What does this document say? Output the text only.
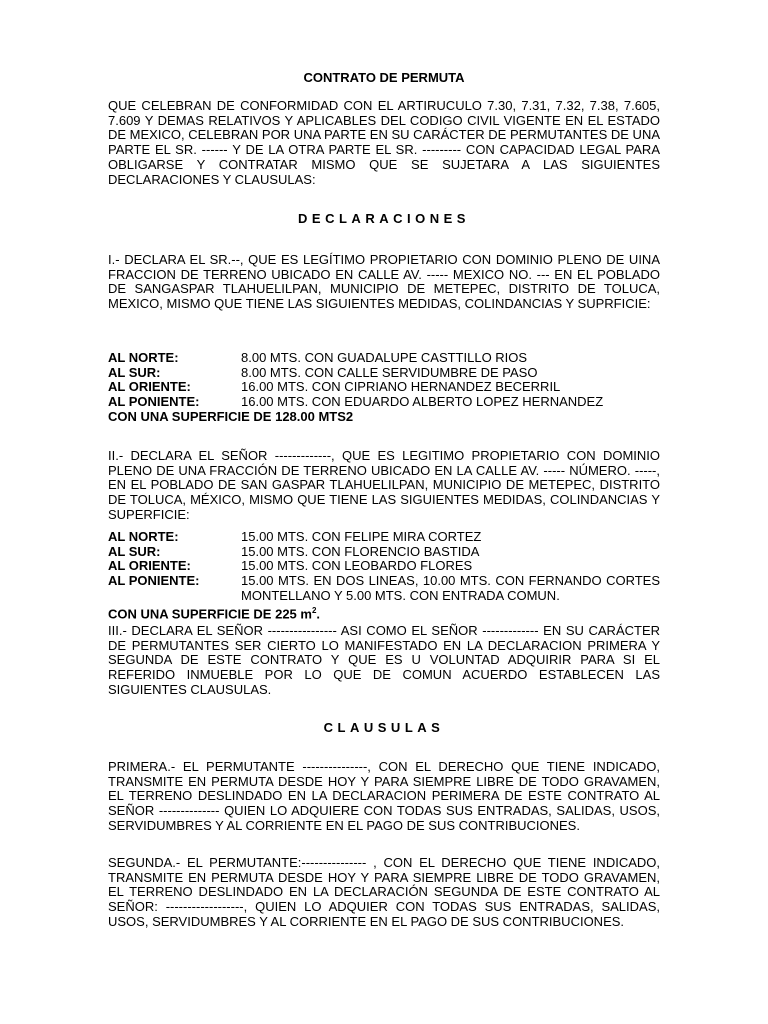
CONTRATO DE PERMUTA

QUE CELEBRAN DE CONFORMIDAD CON EL ARTIRUCULO 7.30, 7.31, 7.32, 7.38, 7.605, 7.609 Y DEMAS RELATIVOS Y APLICABLES DEL CODIGO CIVIL VIGENTE EN EL ESTADO DE MEXICO, CELEBRAN POR UNA PARTE EN SU CARÁCTER DE PERMUTANTES DE UNA PARTE EL SR. ------ Y DE LA OTRA PARTE EL SR. --------- CON CAPACIDAD LEGAL PARA OBLIGARSE Y CONTRATAR MISMO QUE SE SUJETARA A LAS SIGUIENTES DECLARACIONES Y CLAUSULAS:

DECLARACIONES

I.- DECLARA EL SR.--, QUE ES LEGÍTIMO PROPIETARIO CON DOMINIO PLENO DE UINA FRACCION DE TERRENO UBICADO EN CALLE AV. ----- MEXICO NO. --- EN EL POBLADO DE SANGASPAR TLAHUELILPAN, MUNICIPIO DE METEPEC, DISTRITO DE TOLUCA, MEXICO, MISMO QUE TIENE LAS SIGUIENTES MEDIDAS, COLINDANCIAS Y SUPRFICIE:

AL NORTE:	8.00 MTS. CON GUADALUPE CASTTILLO RIOS
AL SUR:	8.00 MTS. CON CALLE SERVIDUMBRE DE PASO
AL ORIENTE:	16.00 MTS. CON CIPRIANO HERNANDEZ BECERRIL
AL PONIENTE:	16.00 MTS. CON EDUARDO ALBERTO LOPEZ HERNANDEZ
CON UNA SUPERFICIE DE 128.00 MTS2	

II.- DECLARA EL SEÑOR -------------, QUE ES LEGITIMO PROPIETARIO CON DOMINIO PLENO DE UNA FRACCIÓN DE TERRENO UBICADO EN LA CALLE AV. ----- NÚMERO. -----, EN EL POBLADO DE SAN GASPAR TLAHUELILPAN, MUNICIPIO DE METEPEC, DISTRITO DE TOLUCA, MÉXICO, MISMO QUE TIENE LAS SIGUIENTES MEDIDAS, COLINDANCIAS Y SUPERFICIE:

AL NORTE:	15.00 MTS. CON FELIPE MIRA CORTEZ
AL SUR:	15.00 MTS. CON FLORENCIO BASTIDA
AL ORIENTE:	15.00 MTS. CON LEOBARDO FLORES
AL PONIENTE:	15.00 MTS. EN DOS LINEAS, 10.00 MTS. CON FERNANDO CORTES MONTELLANO Y 5.00 MTS. CON ENTRADA COMUN.
CON UNA SUPERFICIE DE 225 $m^2$.	

III.- DECLARA EL SEÑOR ---------------- ASI COMO EL SEÑOR ------------- EN SU CARÁCTER DE PERMUTANTES SER CIERTO LO MANIFESTADO EN LA DECLARACION PRIMERA Y SEGUNDA DE ESTE CONTRATO Y QUE ES U VOLUNTAD ADQUIRIR PARA SI EL REFERIDO INMUEBLE POR LO QUE DE COMUN ACUERDO ESTABLECEN LAS SIGUIENTES CLAUSULAS.

CLAUSULAS

PRIMERA.- EL PERMUTANTE ---------------, CON EL DERECHO QUE TIENE INDICADO, TRANSMITE EN PERMUTA DESDE HOY Y PARA SIEMPRE LIBRE DE TODO GRAVAMEN, EL TERRENO DESLINDADO EN LA DECLARACION PERIMERA DE ESTE CONTRATO AL SEÑOR -------------- QUIEN LO ADQUIERE CON TODAS SUS ENTRADAS, SALIDAS, USOS, SERVIDUMBRES Y AL CORRIENTE EN EL PAGO DE SUS CONTRIBUCIONES.

SEGUNDA.- EL PERMUTANTE:--------------- , CON EL DERECHO QUE TIENE INDICADO, TRANSMITE EN PERMUTA DESDE HOY Y PARA SIEMPRE LIBRE DE TODO GRAVAMEN, EL TERRENO DESLINDADO EN LA DECLARACIÓN SEGUNDA DE ESTE CONTRATO AL SEÑOR: ------------------, QUIEN LO ADQUIER CON TODAS SUS ENTRADAS, SALIDAS, USOS, SERVIDUMBRES Y AL CORRIENTE EN EL PAGO DE SUS CONTRIBUCIONES.
